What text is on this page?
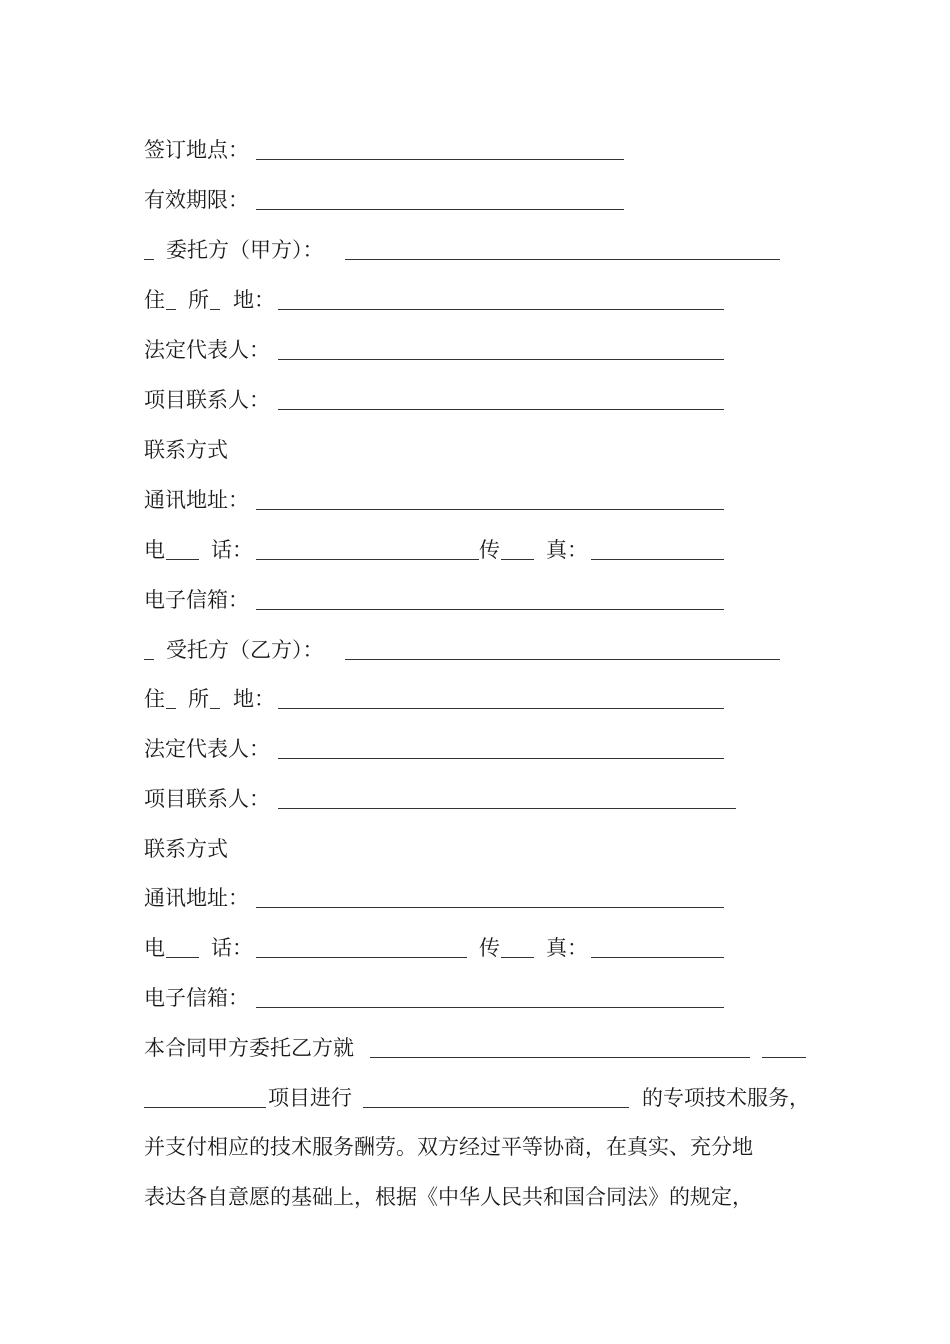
签订地点：
有效期限：
委托方（甲方）：
住 所 地：
法定代表人：
项目联系人：
联系方式
通讯地址：
电 话：	传 真：
电子信箱：
受托方（乙方）：
住 所 地：
法定代表人：
项目联系人：
联系方式
通讯地址：
电 话：	传 真：
电子信箱：
本合同甲方委托乙方就
项目进行	的专项技术服务，
并支付相应的技术服务酬劳。双方经过平等协商，在真实、充分地
表达各自意愿的基础上，根据《中华人民共和国合同法》的规定，
